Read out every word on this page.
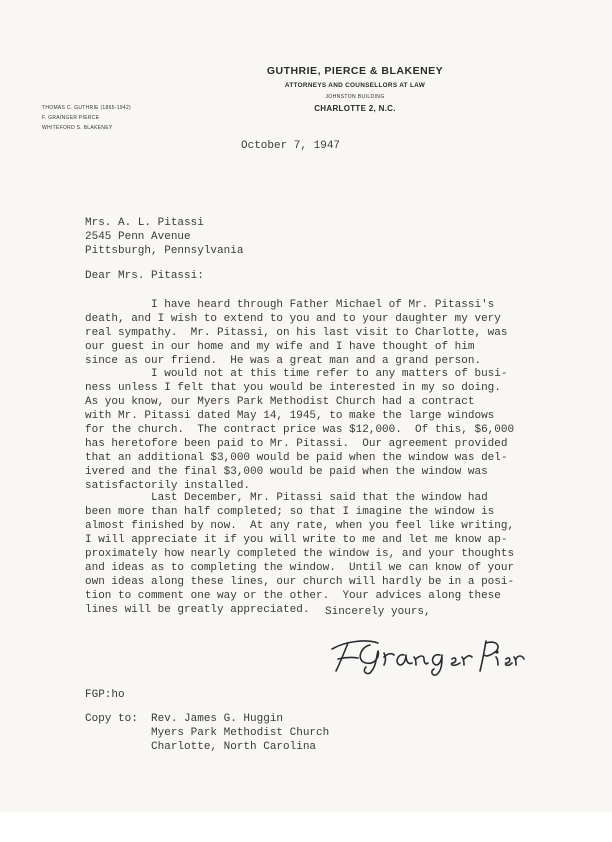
GUTHRIE, PIERCE & BLAKENEY
ATTORNEYS AND COUNSELLORS AT LAW
JOHNSTON BUILDING
CHARLOTTE 2, N.C.
THOMAS C. GUTHRIE (1865-1942)
F. GRAINGER PIERCE
WHITEFORD S. BLAKENEY
October 7, 1947
Mrs. A. L. Pitassi
2545 Penn Avenue
Pittsburgh, Pennsylvania
Dear Mrs. Pitassi:
I have heard through Father Michael of Mr. Pitassi's
death, and I wish to extend to you and to your daughter my very
real sympathy.  Mr. Pitassi, on his last visit to Charlotte, was
our guest in our home and my wife and I have thought of him
since as our friend.  He was a great man and a grand person.
I would not at this time refer to any matters of busi-
ness unless I felt that you would be interested in my so doing.
As you know, our Myers Park Methodist Church had a contract
with Mr. Pitassi dated May 14, 1945, to make the large windows
for the church.  The contract price was $12,000.  Of this, $6,000
has heretofore been paid to Mr. Pitassi.  Our agreement provided
that an additional $3,000 would be paid when the window was del-
ivered and the final $3,000 would be paid when the window was
satisfactorily installed.
Last December, Mr. Pitassi said that the window had
been more than half completed; so that I imagine the window is
almost finished by now.  At any rate, when you feel like writing,
I will appreciate it if you will write to me and let me know ap-
proximately how nearly completed the window is, and your thoughts
and ideas as to completing the window.  Until we can know of your
own ideas along these lines, our church will hardly be in a posi-
tion to comment one way or the other.  Your advices along these
lines will be greatly appreciated.	Sincerely yours,
FGP:ho
Copy to:  Rev. James G. Huggin
Myers Park Methodist Church
Charlotte, North Carolina
